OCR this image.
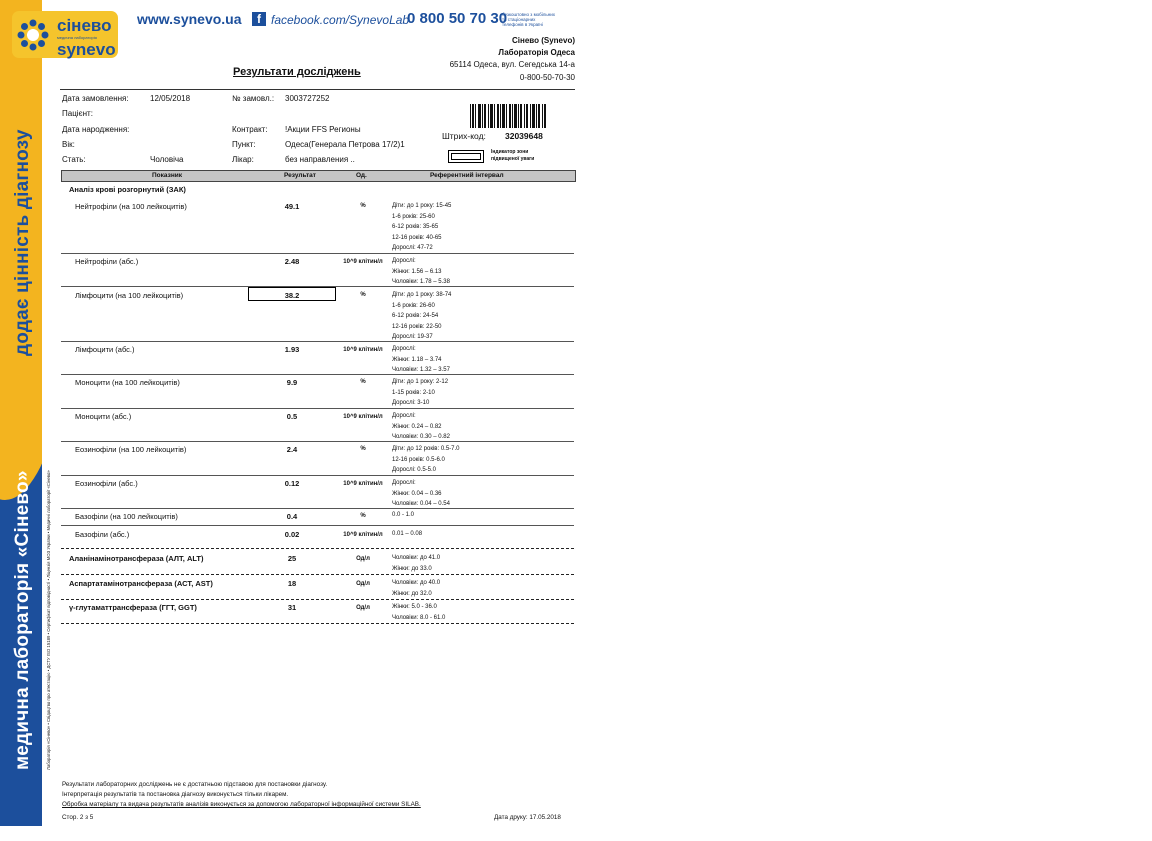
медична лабораторія «Сінево»
додає цінність діагнозу
Лабораторія «Сінево» • Свідоцтво про атестацію • ДСТУ ISO 15189 • Сертифікат відповідності • Ліцензія МОЗ України • Медичні лабораторії «Сінево»
сінево
медична лабораторія
synevo
www.synevo.ua	f facebook.com/SynevoLab
0 800 50 70 30
безкоштовно з мобільних та стаціонарних телефонів в Україні
Сінево (Synevo)
Лабораторія Одеса
65114 Одеса, вул. Сегедська 14-а
0-800-50-70-30
Результати досліджень
Дата замовлення:	12/05/2018	№ замовл.: 3003727252
Пацієнт:
Дата народження:	Контракт: !Акции FFS Регионы
Вік:	Пункт:	Одеса(Генерала Петрова 17/2)1
Стать:	Чоловіча	Лікар:	без направления ..
Штрих-код: 32039648
Індикатор зони підвищеної уваги
Показник	Результат	Од.	Референтний інтервал
Аналіз крові розгорнутий (ЗАК)
Нейтрофіли (на 100 лейкоцитів)	49.1	%	Діти: до 1 року: 15-45
1-6 років: 25-60
6-12 років: 35-65
12-16 років: 40-65
Дорослі: 47-72
Нейтрофіли (абс.)	2.48	10^9 клітин/л	Дорослі:
Жінки: 1.56 – 6.13
Чоловіки: 1.78 – 5.38
Лімфоцити (на 100 лейкоцитів)	38.2	%	Діти: до 1 року: 38-74
1-6 років: 26-60
6-12 років: 24-54
12-16 років: 22-50
Дорослі: 19-37
Лімфоцити (абс.)	1.93	10^9 клітин/л	Дорослі:
Жінки: 1.18 – 3.74
Чоловіки: 1.32 – 3.57
Моноцити (на 100 лейкоцитів)	9.9	%	Діти: до 1 року: 2-12
1-15 років: 2-10
Дорослі: 3-10
Моноцити (абс.)	0.5	10^9 клітин/л	Дорослі:
Жінки: 0.24 – 0.82
Чоловіки: 0.30 – 0.82
Еозинофіли (на 100 лейкоцитів)	2.4	%	Діти: до 12 років: 0.5-7.0
12-16 років: 0.5-6.0
Дорослі: 0.5-5.0
Еозинофіли (абс.)	0.12	10^9 клітин/л	Дорослі:
Жінки: 0.04 – 0.36
Чоловіки: 0.04 – 0.54
Базофіли (на 100 лейкоцитів)	0.4	%	0.0 - 1.0
Базофіли (абс.)	0.02	10^9 клітин/л	0.01 – 0.08
Аланінамінотрансфераза (АЛТ, ALT)	25	Од/л	Чоловіки: до 41.0
Жінки: до 33.0
Аспартатамінотрансфераза (АСТ, AST)	18	Од/л	Чоловіки: до 40.0
Жінки: до 32.0
γ-глутаматтрансфераза (ГГТ, GGT)	31	Од/л	Жінки: 5.0 - 36.0
Чоловіки: 8.0 - 61.0
Результати лабораторних досліджень не є достатньою підставою для постановки діагнозу.
Інтерпретація результатів та постановка діагнозу виконується тільки лікарем.
Обробка матеріалу та видача результатів аналізів виконується за допомогою лабораторної інформаційної системи SILAB.
Стор. 2 з 5	Дата друку: 17.05.2018
